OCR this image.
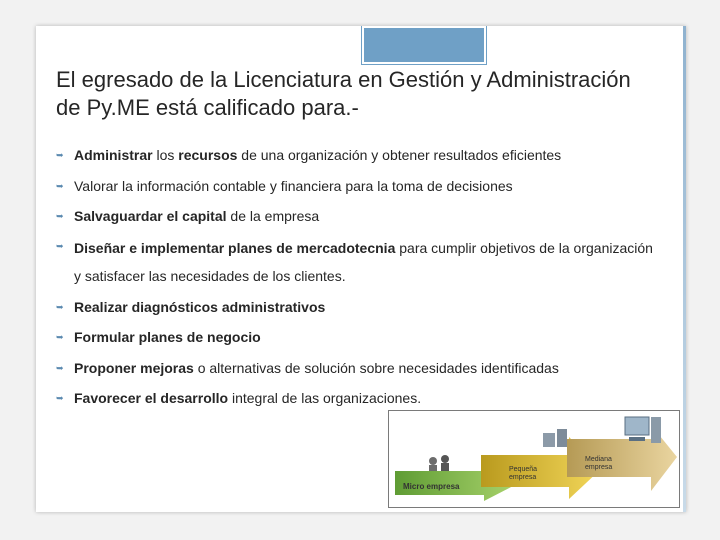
El egresado de la Licenciatura en Gestión y Administración de Py.ME está calificado para.-
➥ Administrar los recursos de una organización y obtener resultados eficientes
➥ Valorar la información contable y financiera para la toma de decisiones
➥ Salvaguardar el capital de la empresa
➥ Diseñar e implementar planes de mercadotecnia para cumplir objetivos de la organización y satisfacer las necesidades de los clientes.
➥ Realizar diagnósticos administrativos
➥ Formular planes de negocio
➥ Proponer mejoras o alternativas de solución sobre necesidades identificadas
➥ Favorecer el desarrollo integral de las organizaciones.
Micro empresa
Pequeña empresa
Mediana empresa
